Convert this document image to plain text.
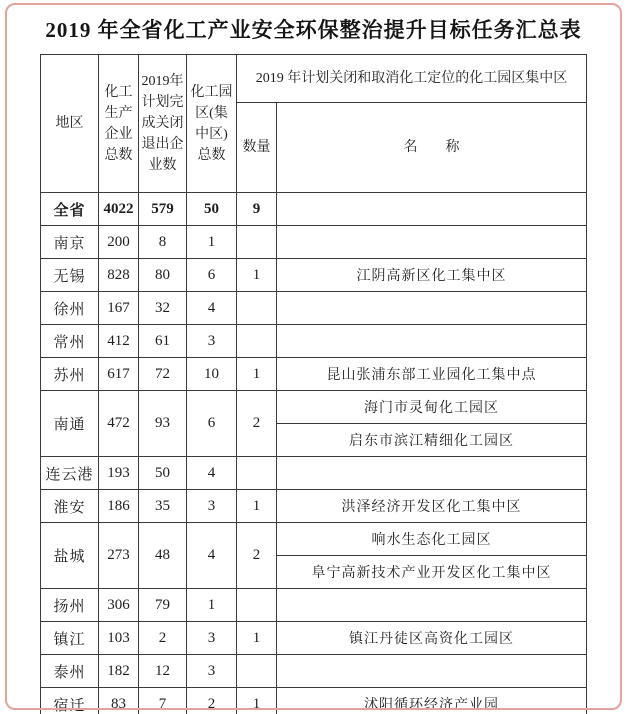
2019 年全省化工产业安全环保整治提升目标任务汇总表
地区	化工生产企业总数	2019年计划完成关闭退出企业数	化工园区(集中区)总数	2019 年计划关闭和取消化工定位的化工园区集中区	
				数量	名　　称
全省	4022	579	50	9	
南京	200	8	1		
无锡	828	80	6	1	江阴高新区化工集中区
徐州	167	32	4		
常州	412	61	3		
苏州	617	72	10	1	昆山张浦东部工业园化工集中点
南通	472	93	6	2	海门市灵甸化工园区
					启东市滨江精细化工园区
连云港	193	50	4		
淮安	186	35	3	1	洪泽经济开发区化工集中区
盐城	273	48	4	2	响水生态化工园区
					阜宁高新技术产业开发区化工集中区
扬州	306	79	1		
镇江	103	2	3	1	镇江丹徒区高资化工园区
泰州	182	12	3		
宿迁	83	7	2	1	沭阳循环经济产业园
